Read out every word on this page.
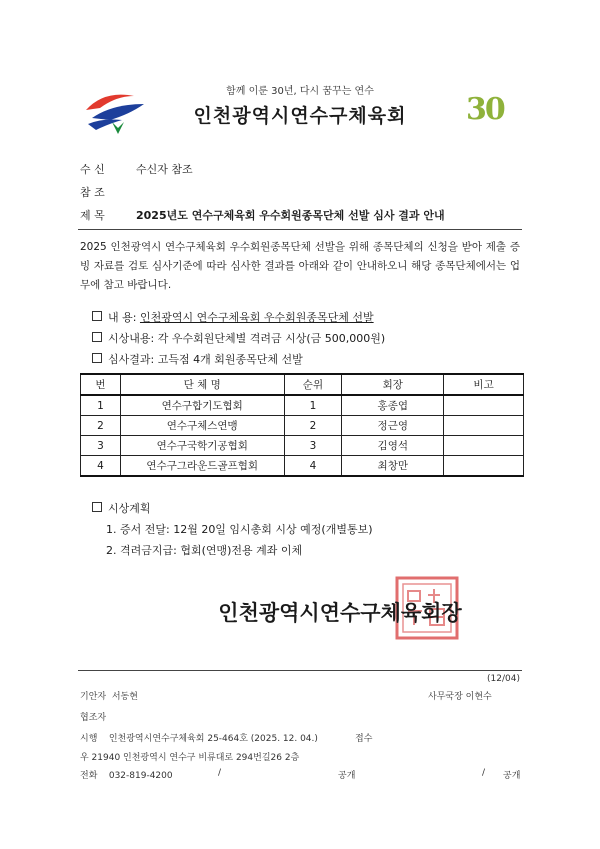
함께 이룬 30년, 다시 꿈꾸는 연수
인천광역시연수구체육회	30
수 신	수신자 참조
참 조
제 목	2025년도 연수구체육회 우수회원종목단체 선발 심사 결과 안내
2025 인천광역시 연수구체육회 우수회원종목단체 선발을 위해 종목단체의 신청을 받아 제출 증빙 자료를 검토 심사기준에 따라 심사한 결과를 아래와 같이 안내하오니 해당 종목단체에서는 업무에 참고 바랍니다.
내 용: 인천광역시 연수구체육회 우수회원종목단체 선발
시상내용: 각 우수회원단체별 격려금 시상(금 500,000원)
심사결과: 고득점 4개 회원종목단체 선발
번	단 체 명	순위	회장	비고
1	연수구합기도협회	1	홍종엽	
2	연수구체스연맹	2	정근영	
3	연수구국학기공협회	3	김영석	
4	연수구그라운드골프협회	4	최창만	
시상계획
1. 증서 전달: 12월 20일 임시총회 시상 예정(개별통보)
2. 격려금지급: 협회(연맹)전용 계좌 이체
인천광역시연수구체육회장
(12/04)
기안자 서동현	사무국장 이현수
협조자
시행 인천광역시연수구체육회 25-464호 (2025. 12. 04.)	접수
우 21940 인천광역시 연수구 비류대로 294번길26 2층
전화 032-819-4200	/	공개	/ 공개
